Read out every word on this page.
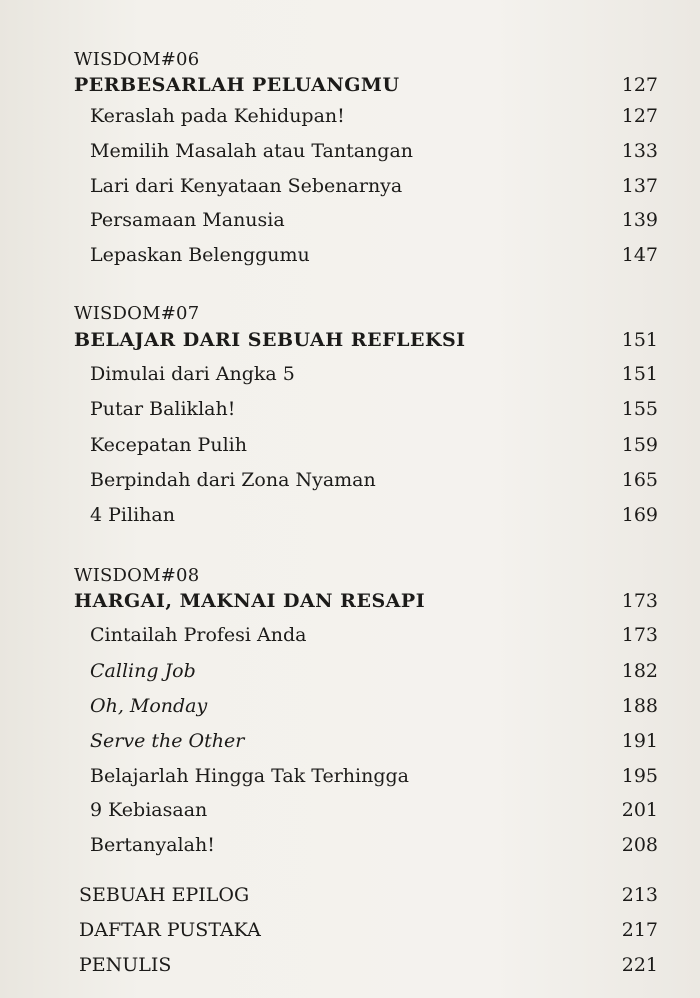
WISDOM#06
PERBESARLAH PELUANGMU	127
Keraslah pada Kehidupan!	127
Memilih Masalah atau Tantangan	133
Lari dari Kenyataan Sebenarnya	137
Persamaan Manusia	139
Lepaskan Belenggumu	147
WISDOM#07
BELAJAR DARI SEBUAH REFLEKSI	151
Dimulai dari Angka 5	151
Putar Baliklah!	155
Kecepatan Pulih	159
Berpindah dari Zona Nyaman	165
4 Pilihan	169
WISDOM#08
HARGAI, MAKNAI DAN RESAPI	173
Cintailah Profesi Anda	173
Calling Job	182
Oh, Monday	188
Serve the Other	191
Belajarlah Hingga Tak Terhingga	195
9 Kebiasaan	201
Bertanyalah!	208
SEBUAH EPILOG	213
DAFTAR PUSTAKA	217
PENULIS	221
